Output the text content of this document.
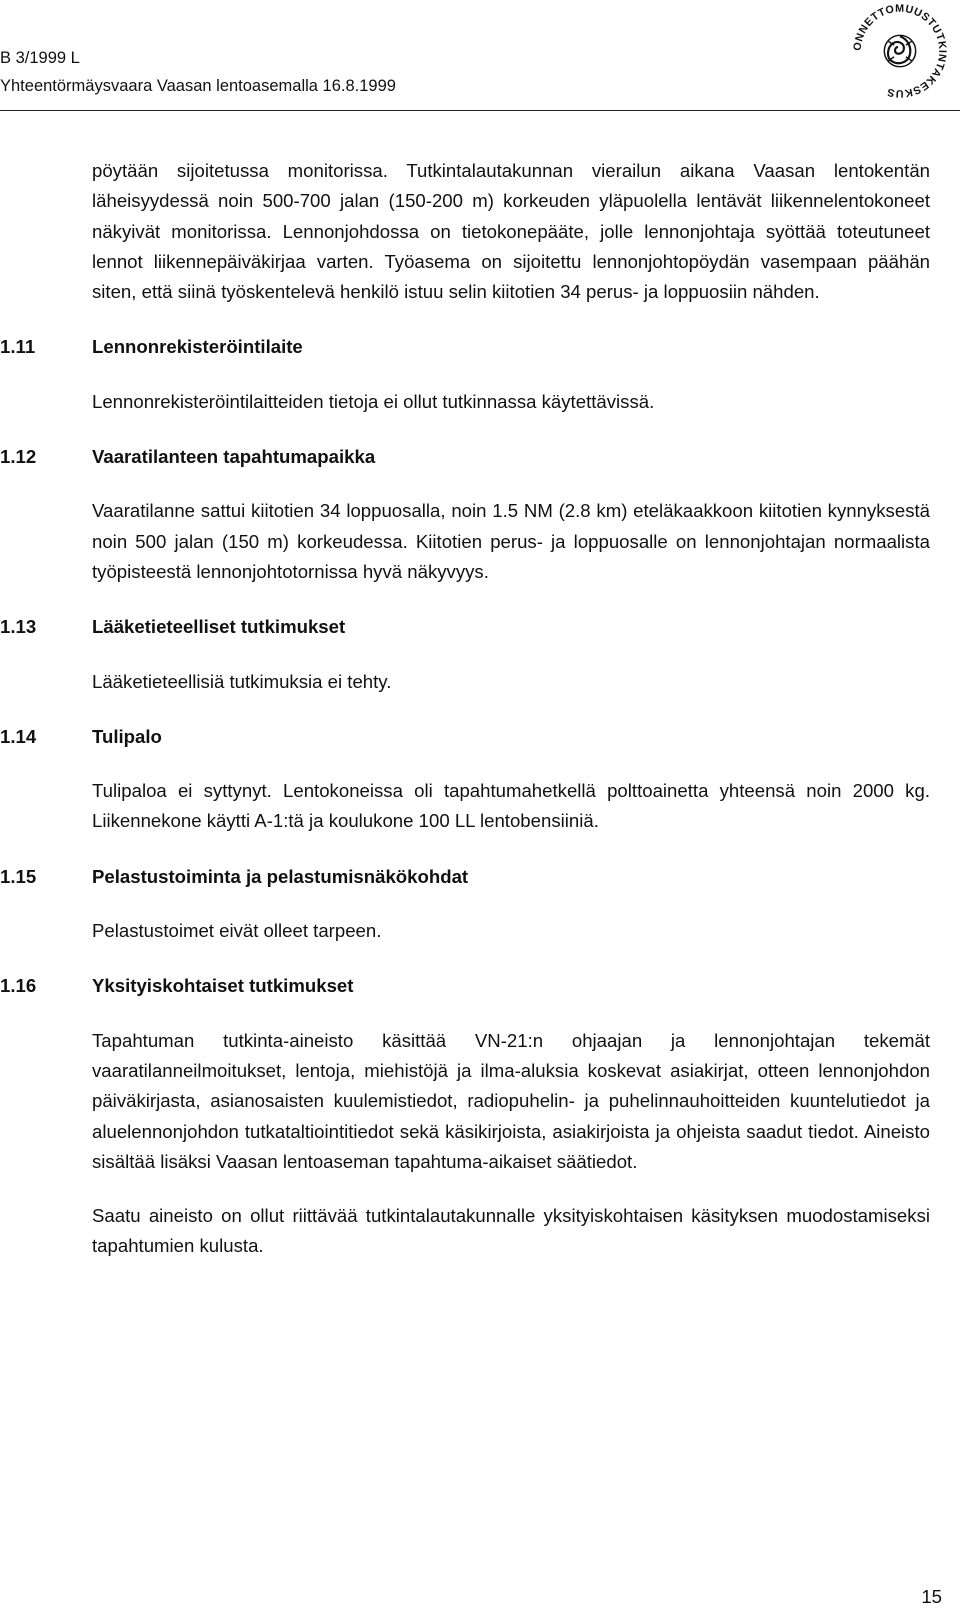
B 3/1999 L
Yhteentörmäysvaara Vaasan lentoasemalla 16.8.1999
ONNETTOMUUSTUTKINTAKESKUS

pöytään sijoitetussa monitorissa. Tutkintalautakunnan vierailun aikana Vaasan lentokentän läheisyydessä noin 500-700 jalan (150-200 m) korkeuden yläpuolella lentävät liikennelentokoneet näkyivät monitorissa. Lennonjohdossa on tietokonepääte, jolle lennonjohtaja syöttää toteutuneet lennot liikennepäiväkirjaa varten. Työasema on sijoitettu lennonjohtopöydän vasempaan päähän siten, että siinä työskentelevä henkilö istuu selin kiitotien 34 perus- ja loppuosiin nähden.

1.11	Lennonrekisteröintilaite

Lennonrekisteröintilaitteiden tietoja ei ollut tutkinnassa käytettävissä.

1.12	Vaaratilanteen tapahtumapaikka

Vaaratilanne sattui kiitotien 34 loppuosalla, noin 1.5 NM (2.8 km) eteläkaakkoon kiitotien kynnyksestä noin 500 jalan (150 m) korkeudessa. Kiitotien perus- ja loppuosalle on lennonjohtajan normaalista työpisteestä lennonjohtotornissa hyvä näkyvyys.

1.13	Lääketieteelliset tutkimukset

Lääketieteellisiä tutkimuksia ei tehty.

1.14	Tulipalo

Tulipaloa ei syttynyt. Lentokoneissa oli tapahtumahetkellä polttoainetta yhteensä noin 2000 kg. Liikennekone käytti A-1:tä ja koulukone 100 LL lentobensiiniä.

1.15	Pelastustoiminta ja pelastumisnäkökohdat

Pelastustoimet eivät olleet tarpeen.

1.16	Yksityiskohtaiset tutkimukset

Tapahtuman tutkinta-aineisto käsittää VN-21:n ohjaajan ja lennonjohtajan tekemät vaaratilanneilmoitukset, lentoja, miehistöjä ja ilma-aluksia koskevat asiakirjat, otteen lennonjohdon päiväkirjasta, asianosaisten kuulemistiedot, radiopuhelin- ja puhelinnauhoitteiden kuuntelutiedot ja aluelennonjohdon tutkataltiointitiedot sekä käsikirjoista, asiakirjoista ja ohjeista saadut tiedot. Aineisto sisältää lisäksi Vaasan lentoaseman tapahtuma-aikaiset säätiedot.

Saatu aineisto on ollut riittävää tutkintalautakunnalle yksityiskohtaisen käsityksen muodostamiseksi tapahtumien kulusta.

15
